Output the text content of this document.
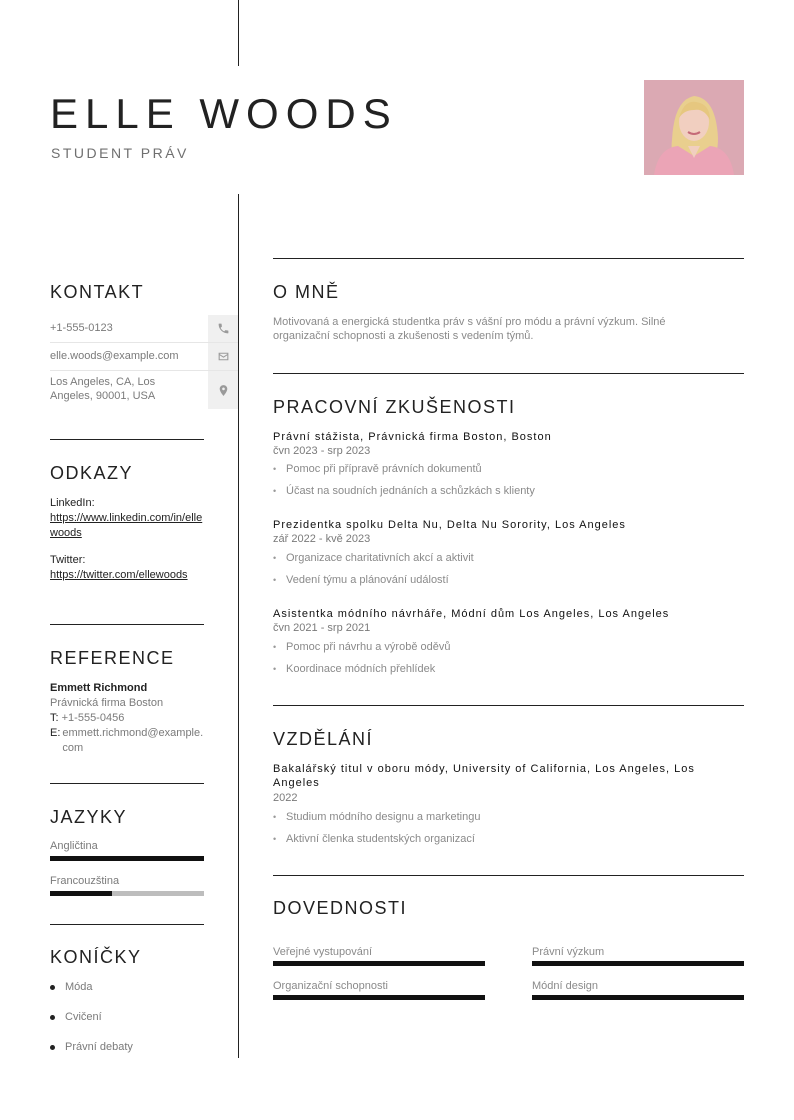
ELLE WOODS
STUDENT PRÁV
KONTAKT
+1-555-0123
elle.woods@example.com
Los Angeles, CA, Los Angeles, 90001, USA
ODKAZY
LinkedIn:
https://www.linkedin.com/in/ellewoods
Twitter:
https://twitter.com/ellewoods
REFERENCE
Emmett Richmond
Právnická firma Boston
T: +1-555-0456
E: emmett.richmond@example.com
JAZYKY
Angličtina
Francouzština
KONÍČKY
Móda
Cvičení
Právní debaty
O MNĚ
Motivovaná a energická studentka práv s vášní pro módu a právní výzkum. Silné organizační schopnosti a zkušenosti s vedením týmů.
PRACOVNÍ ZKUŠENOSTI
Právní stážista, Právnická firma Boston, Boston
čvn 2023 - srp 2023
• Pomoc při přípravě právních dokumentů
• Účast na soudních jednáních a schůzkách s klienty
Prezidentka spolku Delta Nu, Delta Nu Sorority, Los Angeles
zář 2022 - kvě 2023
• Organizace charitativních akcí a aktivit
• Vedení týmu a plánování událostí
Asistentka módního návrháře, Módní dům Los Angeles, Los Angeles
čvn 2021 - srp 2021
• Pomoc při návrhu a výrobě oděvů
• Koordinace módních přehlídek
VZDĚLÁNÍ
Bakalářský titul v oboru módy, University of California, Los Angeles, Los Angeles
2022
• Studium módního designu a marketingu
• Aktivní členka studentských organizací
DOVEDNOSTI
Veřejné vystupování	Právní výzkum
Organizační schopnosti	Módní design
